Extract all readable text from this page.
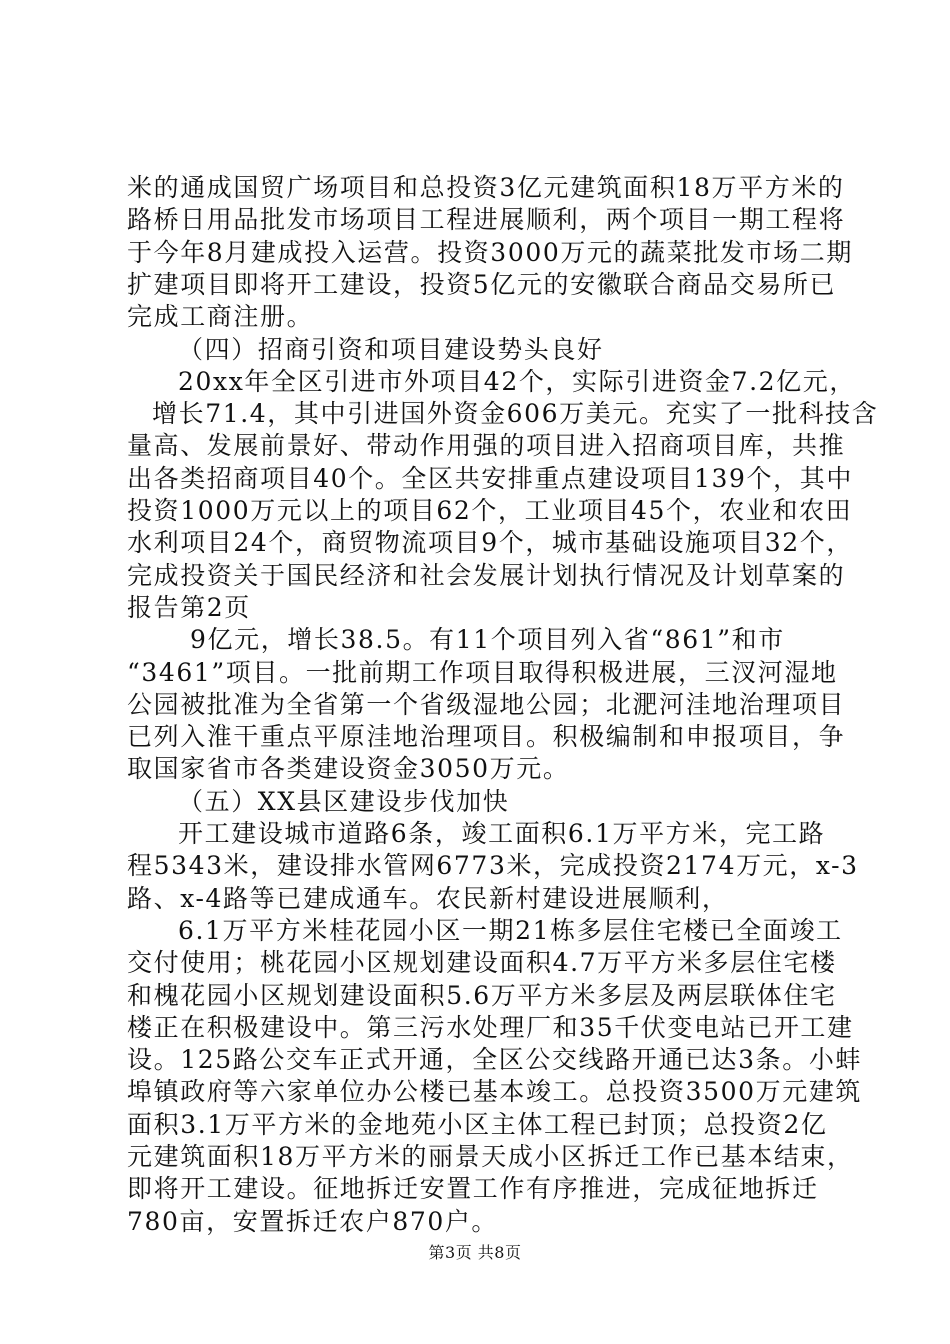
米的通成国贸广场项目和总投资3亿元建筑面积18万平方米的
路桥日用品批发市场项目工程进展顺利，两个项目一期工程将
于今年8月建成投入运营。投资3000万元的蔬菜批发市场二期
扩建项目即将开工建设，投资5亿元的安徽联合商品交易所已
完成工商注册。
（四）招商引资和项目建设势头良好
20xx年全区引进市外项目42个，实际引进资金7.2亿元，
增长71.4，其中引进国外资金606万美元。充实了一批科技含
量高、发展前景好、带动作用强的项目进入招商项目库，共推
出各类招商项目40个。全区共安排重点建设项目139个，其中
投资1000万元以上的项目62个，工业项目45个，农业和农田
水利项目24个，商贸物流项目9个，城市基础设施项目32个，
完成投资关于国民经济和社会发展计划执行情况及计划草案的
报告第2页
9亿元，增长38.5。有11个项目列入省“861”和市
“3461”项目。一批前期工作项目取得积极进展，三汊河湿地
公园被批准为全省第一个省级湿地公园；北淝河洼地治理项目
已列入淮干重点平原洼地治理项目。积极编制和申报项目，争
取国家省市各类建设资金3050万元。
（五）XX县区建设步伐加快
开工建设城市道路6条，竣工面积6.1万平方米，完工路
程5343米，建设排水管网6773米，完成投资2174万元，x-3
路、x-4路等已建成通车。农民新村建设进展顺利，
6.1万平方米桂花园小区一期21栋多层住宅楼已全面竣工
交付使用；桃花园小区规划建设面积4.7万平方米多层住宅楼
和槐花园小区规划建设面积5.6万平方米多层及两层联体住宅
楼正在积极建设中。第三污水处理厂和35千伏变电站已开工建
设。125路公交车正式开通，全区公交线路开通已达3条。小蚌
埠镇政府等六家单位办公楼已基本竣工。总投资3500万元建筑
面积3.1万平方米的金地苑小区主体工程已封顶；总投资2亿
元建筑面积18万平方米的丽景天成小区拆迁工作已基本结束，
即将开工建设。征地拆迁安置工作有序推进，完成征地拆迁
780亩，安置拆迁农户870户。
第3页 共8页
